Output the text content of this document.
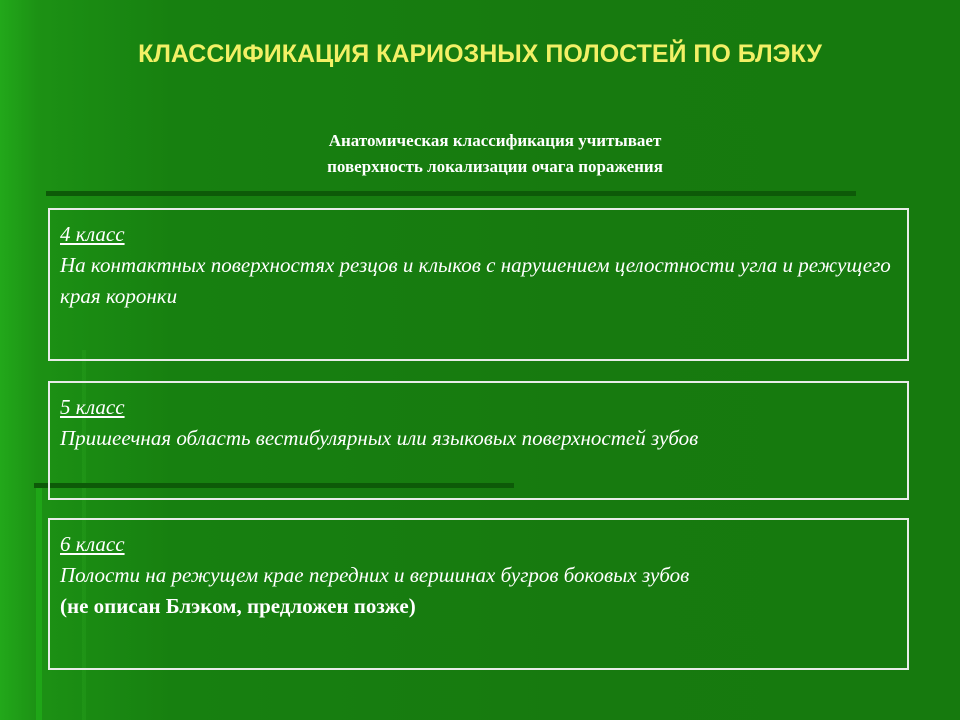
КЛАССИФИКАЦИЯ КАРИОЗНЫХ ПОЛОСТЕЙ ПО БЛЭКУ
Анатомическая классификация учитывает
поверхность локализации очага поражения
4 класс
На контактных поверхностях резцов и клыков с нарушением целостности угла и режущего края коронки
5 класс
Пришеечная область вестибулярных или языковых поверхностей зубов
6 класс
Полости на режущем крае передних и вершинах бугров боковых зубов
(не описан Блэком, предложен позже)
